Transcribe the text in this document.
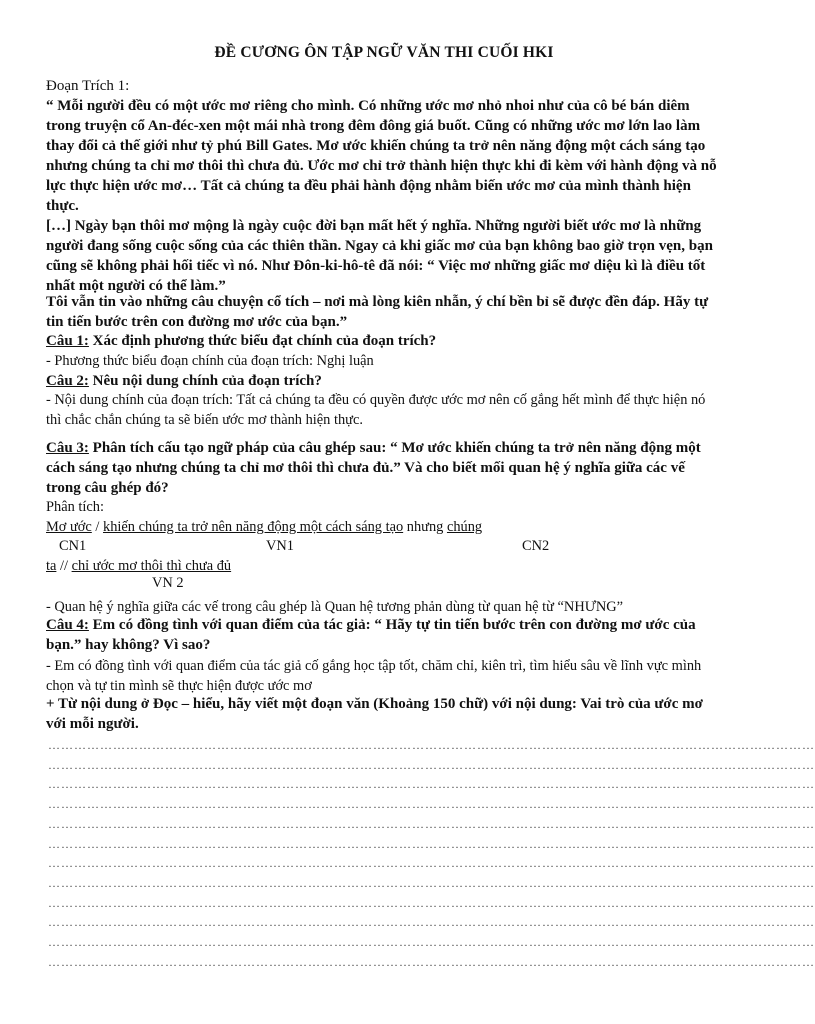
ĐỀ CƯƠNG ÔN TẬP NGỮ VĂN THI CUỐI HKI
Đoạn Trích 1:
“ Mỗi người đều có một ước mơ riêng cho mình. Có những ước mơ nhỏ nhoi như của cô bé bán diêm trong truyện cổ An-đéc-xen một mái nhà trong đêm đông giá buốt. Cũng có những ước mơ lớn lao làm thay đổi cả thế giới như tỷ phú Bill Gates. Mơ ước khiến chúng ta trở nên năng động một cách sáng tạo nhưng chúng ta chỉ mơ thôi thì chưa đủ. Ước mơ chỉ trở thành hiện thực khi đi kèm với hành động và nỗ lực thực hiện ước mơ… Tất cả chúng ta đều phải hành động nhằm biến ước mơ của mình thành hiện thực.
[…] Ngày bạn thôi mơ mộng là ngày cuộc đời bạn mất hết ý nghĩa. Những người biết ước mơ là những người đang sống cuộc sống của các thiên thần. Ngay cả khi giấc mơ của bạn không bao giờ trọn vẹn, bạn cũng sẽ không phải hối tiếc vì nó. Như Đôn-ki-hô-tê đã nói: “ Việc mơ những giấc mơ diệu kì là điều tốt nhất một người có thể làm.”
Tôi vẫn tin vào những câu chuyện cổ tích – nơi mà lòng kiên nhẫn, ý chí bền bỉ sẽ được đền đáp. Hãy tự tin tiến bước trên con đường mơ ước của bạn.”
Câu 1: Xác định phương thức biểu đạt chính của đoạn trích?
- Phương thức biểu đoạn chính của đoạn trích: Nghị luận
Câu 2: Nêu nội dung chính của đoạn trích?
- Nội dung chính của đoạn trích: Tất cả chúng ta đều có quyền được ước mơ nên cố gắng hết mình để thực hiện nó thì chắc chắn chúng ta sẽ biến ước mơ thành hiện thực.
Câu 3: Phân tích cấu tạo ngữ pháp của câu ghép sau: “ Mơ ước khiến chúng ta trở nên năng động một cách sáng tạo nhưng chúng ta chỉ mơ thôi thì chưa đủ.” Và cho biết mối quan hệ ý nghĩa giữa các vế trong câu ghép đó?
Phân tích:
Mơ ước / khiến chúng ta trở nên năng động một cách sáng tạo nhưng chúng
CN1	VN1	CN2
ta // chỉ ước mơ thôi thì chưa đủ
VN 2
- Quan hệ ý nghĩa giữa các vế trong câu ghép là Quan hệ tương phản dùng từ quan hệ từ “NHƯNG”
Câu 4: Em có đồng tình với quan điểm của tác giả: “ Hãy tự tin tiến bước trên con đường mơ ước của bạn.” hay không? Vì sao?
- Em có đồng tình với quan điểm của tác giả cố gắng học tập tốt, chăm chỉ, kiên trì, tìm hiểu sâu về lĩnh vực mình chọn và tự tin mình sẽ thực hiện được ước mơ
+ Từ nội dung ở Đọc – hiểu, hãy viết một đoạn văn (Khoảng 150 chữ) với nội dung: Vai trò của ước mơ với mỗi người.
……………………………………………………………………………………………………………………………………………………………
……………………………………………………………………………………………………………………………………………………………
……………………………………………………………………………………………………………………………………………………………
……………………………………………………………………………………………………………………………………………………………
……………………………………………………………………………………………………………………………………………………………
……………………………………………………………………………………………………………………………………………………………
……………………………………………………………………………………………………………………………………………………………
……………………………………………………………………………………………………………………………………………………………
……………………………………………………………………………………………………………………………………………………………
……………………………………………………………………………………………………………………………………………………………
……………………………………………………………………………………………………………………………………………………………
……………………………………………………………………………………………………………………………………………………………
